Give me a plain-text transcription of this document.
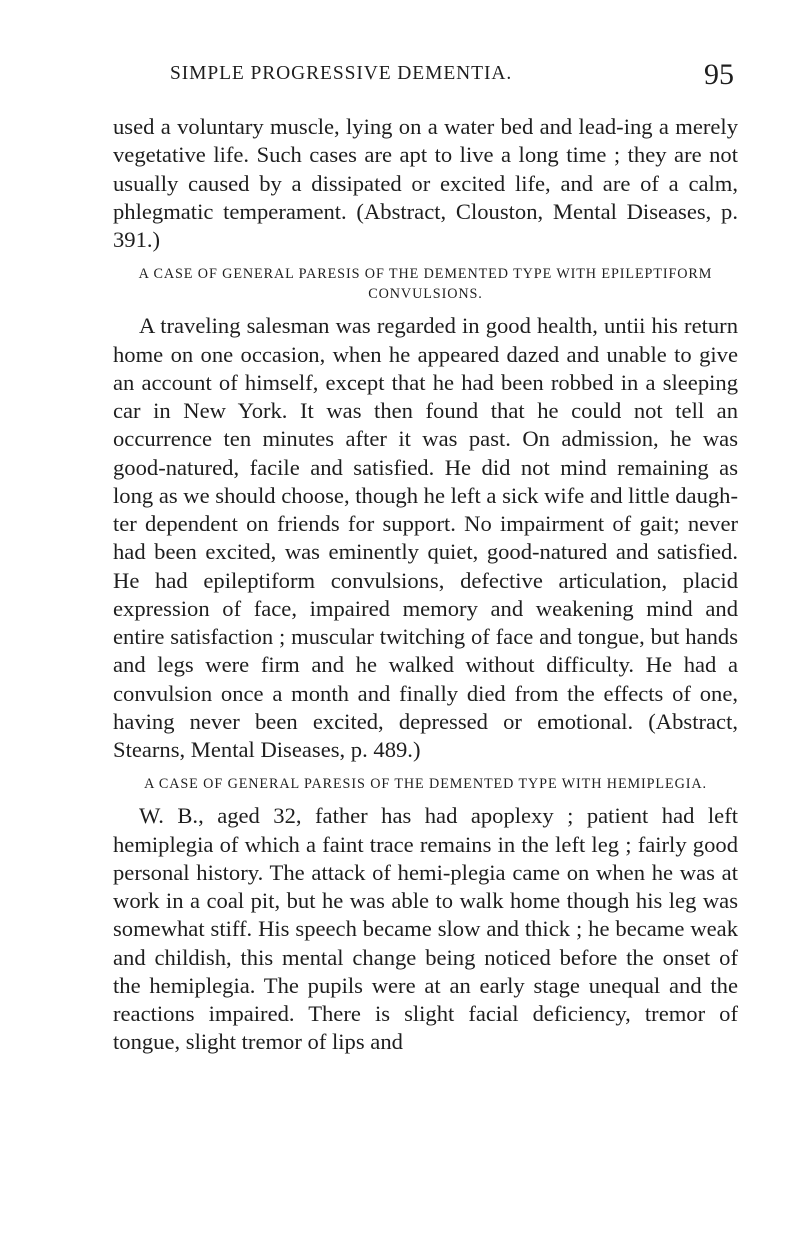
SIMPLE PROGRESSIVE DEMENTIA.	95

used a voluntary muscle, lying on a water bed and lead-ing a merely vegetative life. Such cases are apt to live a long time ; they are not usually caused by a dissipated or excited life, and are of a calm, phlegmatic temperament. (Abstract, Clouston, Mental Diseases, p. 391.)

A CASE OF GENERAL PARESIS OF THE DEMENTED TYPE WITH EPILEPTIFORM CONVULSIONS.

A traveling salesman was regarded in good health, untii his return home on one occasion, when he appeared dazed and unable to give an account of himself, except that he had been robbed in a sleeping car in New York. It was then found that he could not tell an occurrence ten minutes after it was past. On admission, he was good-natured, facile and satisfied. He did not mind remaining as long as we should choose, though he left a sick wife and little daugh-ter dependent on friends for support. No impairment of gait; never had been excited, was eminently quiet, good-natured and satisfied. He had epileptiform convulsions, defective articulation, placid expression of face, impaired memory and weakening mind and entire satisfaction ; muscular twitching of face and tongue, but hands and legs were firm and he walked without difficulty. He had a convulsion once a month and finally died from the effects of one, having never been excited, depressed or emotional. (Abstract, Stearns, Mental Diseases, p. 489.)

A CASE OF GENERAL PARESIS OF THE DEMENTED TYPE WITH HEMIPLEGIA.

W. B., aged 32, father has had apoplexy ; patient had left hemiplegia of which a faint trace remains in the left leg ; fairly good personal history. The attack of hemi-plegia came on when he was at work in a coal pit, but he was able to walk home though his leg was somewhat stiff. His speech became slow and thick ; he became weak and childish, this mental change being noticed before the onset of the hemiplegia. The pupils were at an early stage unequal and the reactions impaired. There is slight facial deficiency, tremor of tongue, slight tremor of lips and
